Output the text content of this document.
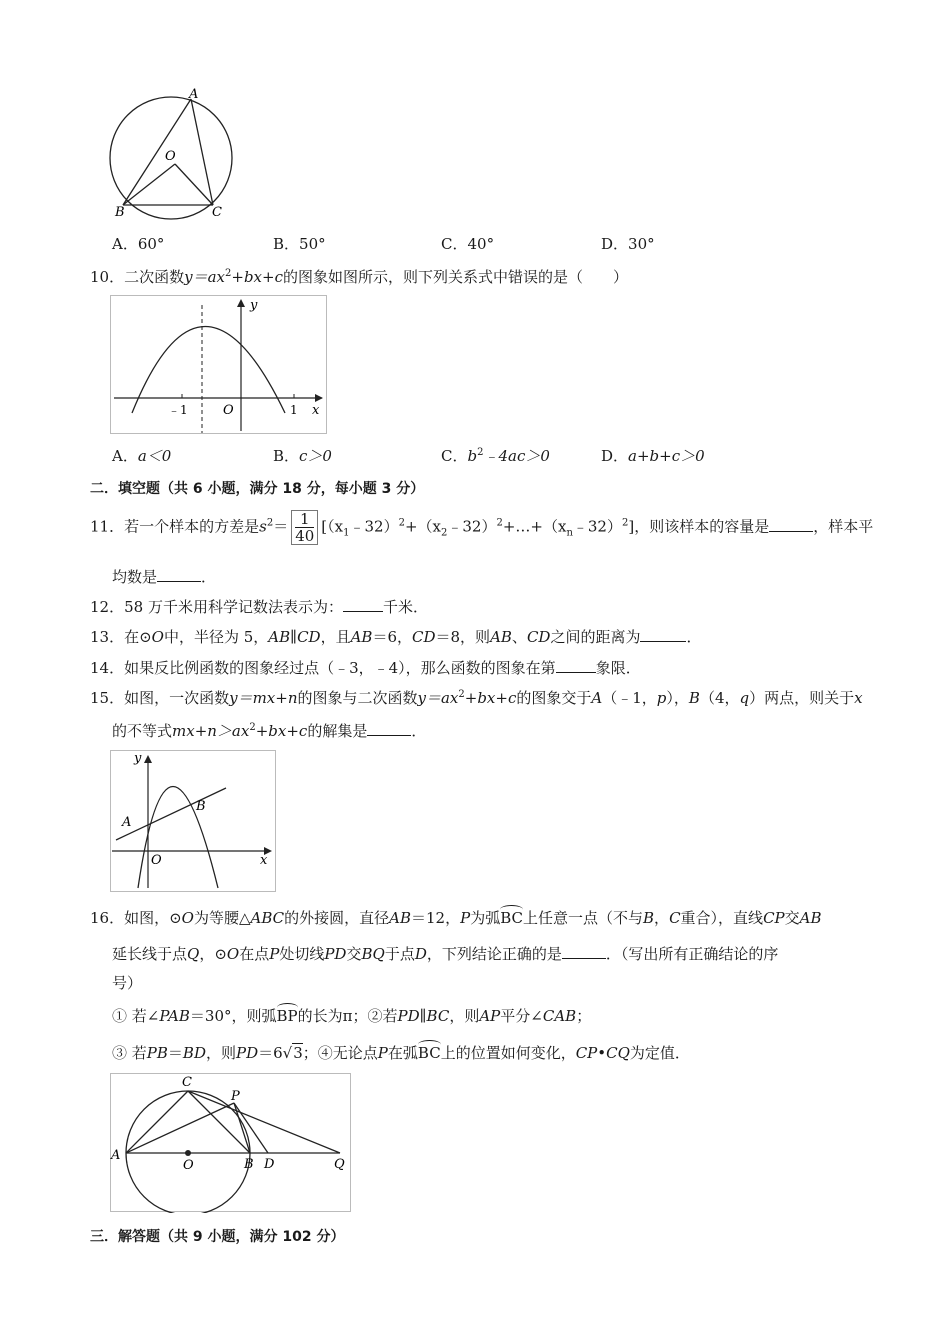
A
O
B	C
A．60°	B．50°	C．40°	D．30°
10．二次函数$y=ax^2+bx+c$的图象如图所示，则下列关系式中错误的是（　　）
y
﹣1	O	1 x
A．a＜0	B．c＞0	C．$b^2﹣4ac>0$	D．a+b+c＞0
二．填空题（共 6 小题，满分 18 分，每小题 3 分）
11．若一个样本的方差是$s^2= \frac{1}{40}$ $[(x_1﹣32)^2+(x_2﹣32)^2+\dots+(x_n﹣32)^2]$，则该样本的容量是	，样本平
均数是	．
12．58 万千米用科学记数法表示为：	千米．
13．在⊙O中，半径为 5，AB∥CD，且AB＝6，CD＝8，则AB、CD之间的距离为	．
14．如果反比例函数的图象经过点（﹣3，﹣4），那么函数的图象在第	象限．
15．如图，一次函数y＝mx+n的图象与二次函数$y=ax^2+bx+c$的图象交于A（﹣1，p），B（4，q）两点，则关于x
的不等式$mx+n>ax^2+bx+c$的解集是	．
y
A
B
O	x
16．如图，⊙O为等腰△ABC的外接圆，直径AB＝12，P为弧BC上任意一点（不与B，C重合），直线CP交AB
延长线于点Q，⊙O在点P处切线PD交BQ于点D，下列结论正确的是	．（写出所有正确结论的序
号）
① 若∠PAB＝30°，则弧BP的长为π；②若PD∥BC，则AP平分∠CAB；
③ 若PB＝BD，则PD＝6√3；④无论点P在弧BC上的位置如何变化，CP•CQ为定值．
C
P
A
O	B D	Q
三．解答题（共 9 小题，满分 102 分）
